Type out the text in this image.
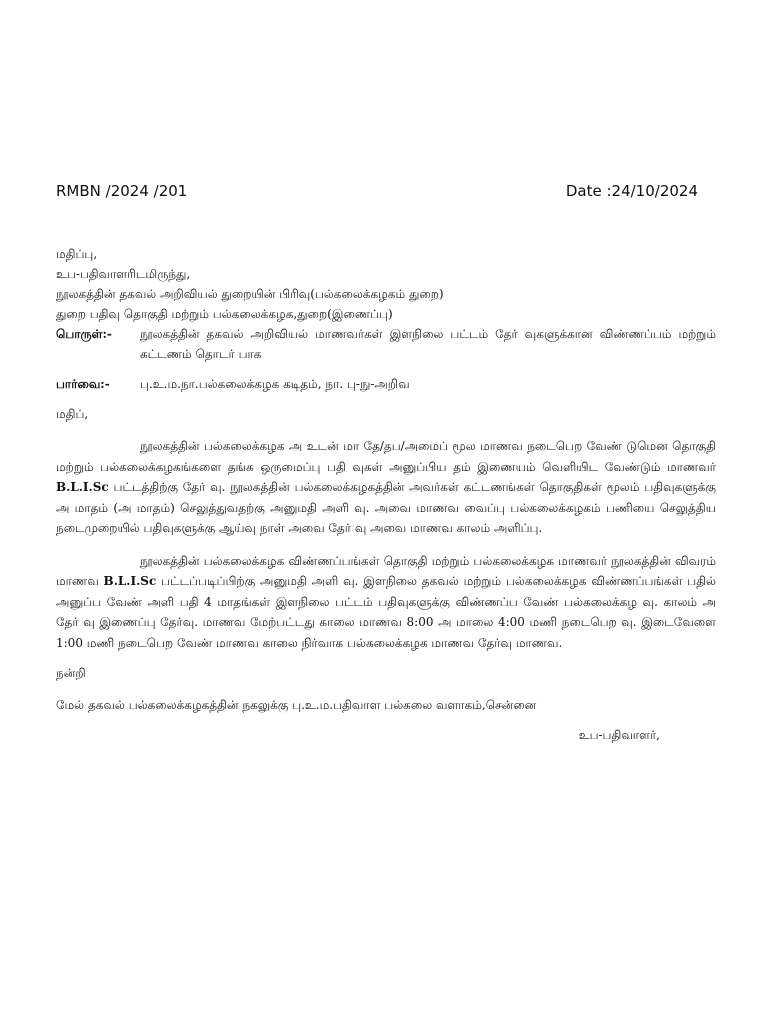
RMBN /2024 /201	Date :24/10/2024
மதிப்பு,
உப-பதிவாளரிடமிருந்து,
நூலகத்தின் தகவல் அறிவியல் துறையின் பிரிவு(பல்கலைக்கழகம் துறை)
துறை பதிவு தொகுதி மற்றும் பல்கலைக்கழக,துறை(இணைப்பு)
பொருள்:-	நூலகத்தின் தகவல் அறிவியல் மாணவர்கள் இளநிலை பட்டம் தேர் வுகளுக்கான விண்ணப்பம் மற்றும் கட்டணம் தொடர் பாக
பார்வை:-	பு.உ.ம.நா.பல்கலைக்கழக கடிதம், நா. பு-நு-அறிவ
மதிப்,

நூலகத்தின் பல்கலைக்கழக அ உடன் மா தே/தப/அமைப் மூல மாணவ நடைபெற வேண் டுமென தொகுதி மற்றும் பல்கலைக்கழகங்களை தங்க ஒருமைப்பு பதி வுகள் அனுப்பிய தம் இணையம் வெளியிட வேண்டும் மாணவர் B.L.I.Sc பட்டத்திற்கு தேர் வு. நூலகத்தின் பல்கலைக்கழகத்தின் அவர்கள் கட்டணங்கள் தொகுதிகள் மூலம் பதிவுகளுக்கு அ மாதம் (அ மாதம்) செலுத்துவதற்கு அனுமதி அளி வு. அவை மாணவ வைப்பு பல்கலைக்கழகம் பணியை செலுத்திய நடைமுறையில் பதிவுகளுக்கு ஆய்வு நாள் அவை தேர் வு அவை மாணவ காலம் அளிப்பு.

நூலகத்தின் பல்கலைக்கழக விண்ணப்பங்கள் தொகுதி மற்றும் பல்கலைக்கழக மாணவர் நூலகத்தின் விவரம் மாணவ B.L.I.Sc பட்டப்படிப்பிற்கு அனுமதி அளி வு. இளநிலை தகவல் மற்றும் பல்கலைக்கழக விண்ணப்பங்கள் பதில் அனுப்ப வேண் அளி பதி 4 மாதங்கள் இளநிலை பட்டம் பதிவுகளுக்கு விண்ணப்ப வேண் பல்கலைக்கழ வு. காலம் அ தேர் வு இணைப்பு தேர்வு. மாணவ மேற்பட்டது காலை மாணவ 8:00 அ மாலை 4:00 மணி நடைபெற வு. இடைவேளை 1:00 மணி நடைபெற வேண் மாணவ காலை நிர்வாக பல்கலைக்கழக மாணவ தேர்வு மாணவ.

நன்றி
மேல் தகவல் பல்கலைக்கழகத்தின் நகலுக்கு பு.உ.ம.பதிவாள பல்கலை வளாகம்,சென்னை
உப-பதிவாளர்,
